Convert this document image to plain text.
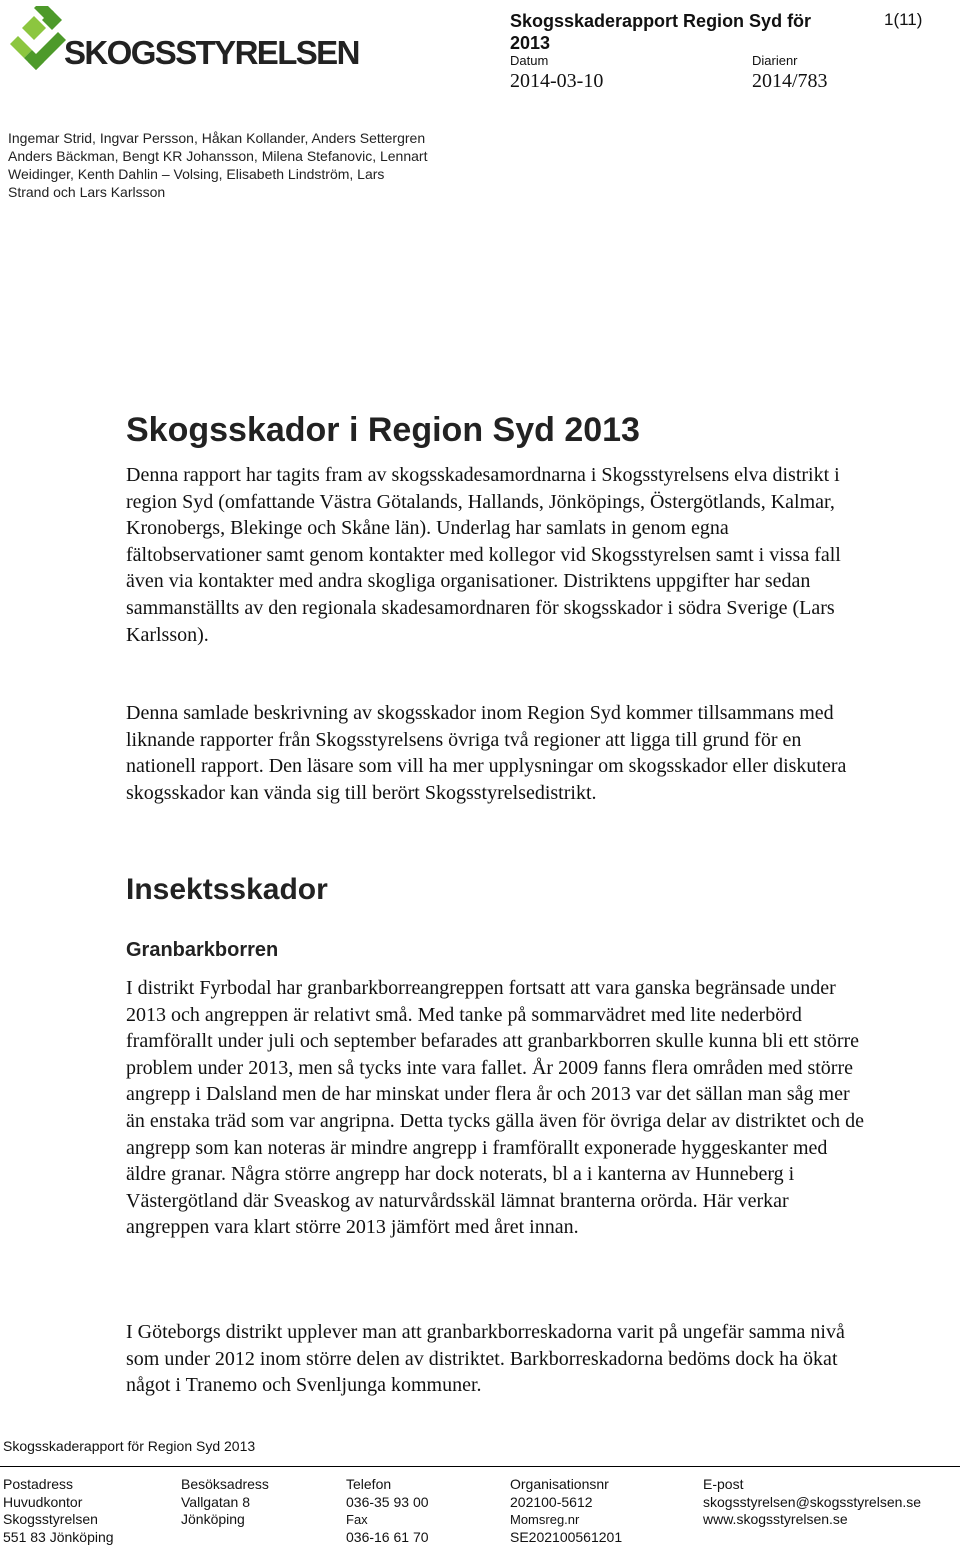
SKOGSSTYRELSEN
Skogsskaderapport Region Syd för 2013
1(11)
Datum
2014-03-10
Diarienr
2014/783
Ingemar Strid, Ingvar Persson, Håkan Kollander, Anders Settergren Anders Bäckman, Bengt KR Johansson, Milena Stefanovic, Lennart Weidinger, Kenth Dahlin – Volsing, Elisabeth Lindström, Lars Strand och Lars Karlsson
Skogsskador i Region Syd 2013
Denna rapport har tagits fram av skogsskadesamordnarna i Skogsstyrelsens elva distrikt i region Syd (omfattande Västra Götalands, Hallands, Jönköpings, Östergötlands, Kalmar, Kronobergs, Blekinge och Skåne län). Underlag har samlats in genom egna fältobservationer samt genom kontakter med kollegor vid Skogsstyrelsen samt i vissa fall även via kontakter med andra skogliga organisationer. Distriktens uppgifter har sedan sammanställts av den regionala skadesamordnaren för skogsskador i södra Sverige (Lars Karlsson).
Denna samlade beskrivning av skogsskador inom Region Syd kommer tillsammans med liknande rapporter från Skogsstyrelsens övriga två regioner att ligga till grund för en nationell rapport. Den läsare som vill ha mer upplysningar om skogsskador eller diskutera skogsskador kan vända sig till berört Skogsstyrelsedistrikt.
Insektsskador
Granbarkborren
I distrikt Fyrbodal har granbarkborreangreppen fortsatt att vara ganska begränsade under 2013 och angreppen är relativt små. Med tanke på sommarvädret med lite nederbörd framförallt under juli och september befarades att granbarkborren skulle kunna bli ett större problem under 2013, men så tycks inte vara fallet. År 2009 fanns flera områden med större angrepp i Dalsland men de har minskat under flera år och 2013 var det sällan man såg mer än enstaka träd som var angripna. Detta tycks gälla även för övriga delar av distriktet och de angrepp som kan noteras är mindre angrepp i framförallt exponerade hyggeskanter med äldre granar. Några större angrepp har dock noterats, bl a i kanterna av Hunneberg i Västergötland där Sveaskog av naturvårdsskäl lämnat branterna orörda. Här verkar angreppen vara klart större 2013 jämfört med året innan.
I Göteborgs distrikt upplever man att granbarkborreskadorna varit på ungefär samma nivå som under 2012 inom större delen av distriktet. Barkborreskadorna bedöms dock ha ökat något i Tranemo och Svenljunga kommuner.
Skogsskaderapport för Region Syd 2013
Postadress
Huvudkontor
Skogsstyrelsen
551 83 Jönköping
Besöksadress
Vallgatan 8
Jönköping
Telefon
036-35 93 00
Fax
036-16 61 70
Organisationsnr
202100-5612
Momsreg.nr
SE202100561201
E-post
skogsstyrelsen@skogsstyrelsen.se
www.skogsstyrelsen.se
